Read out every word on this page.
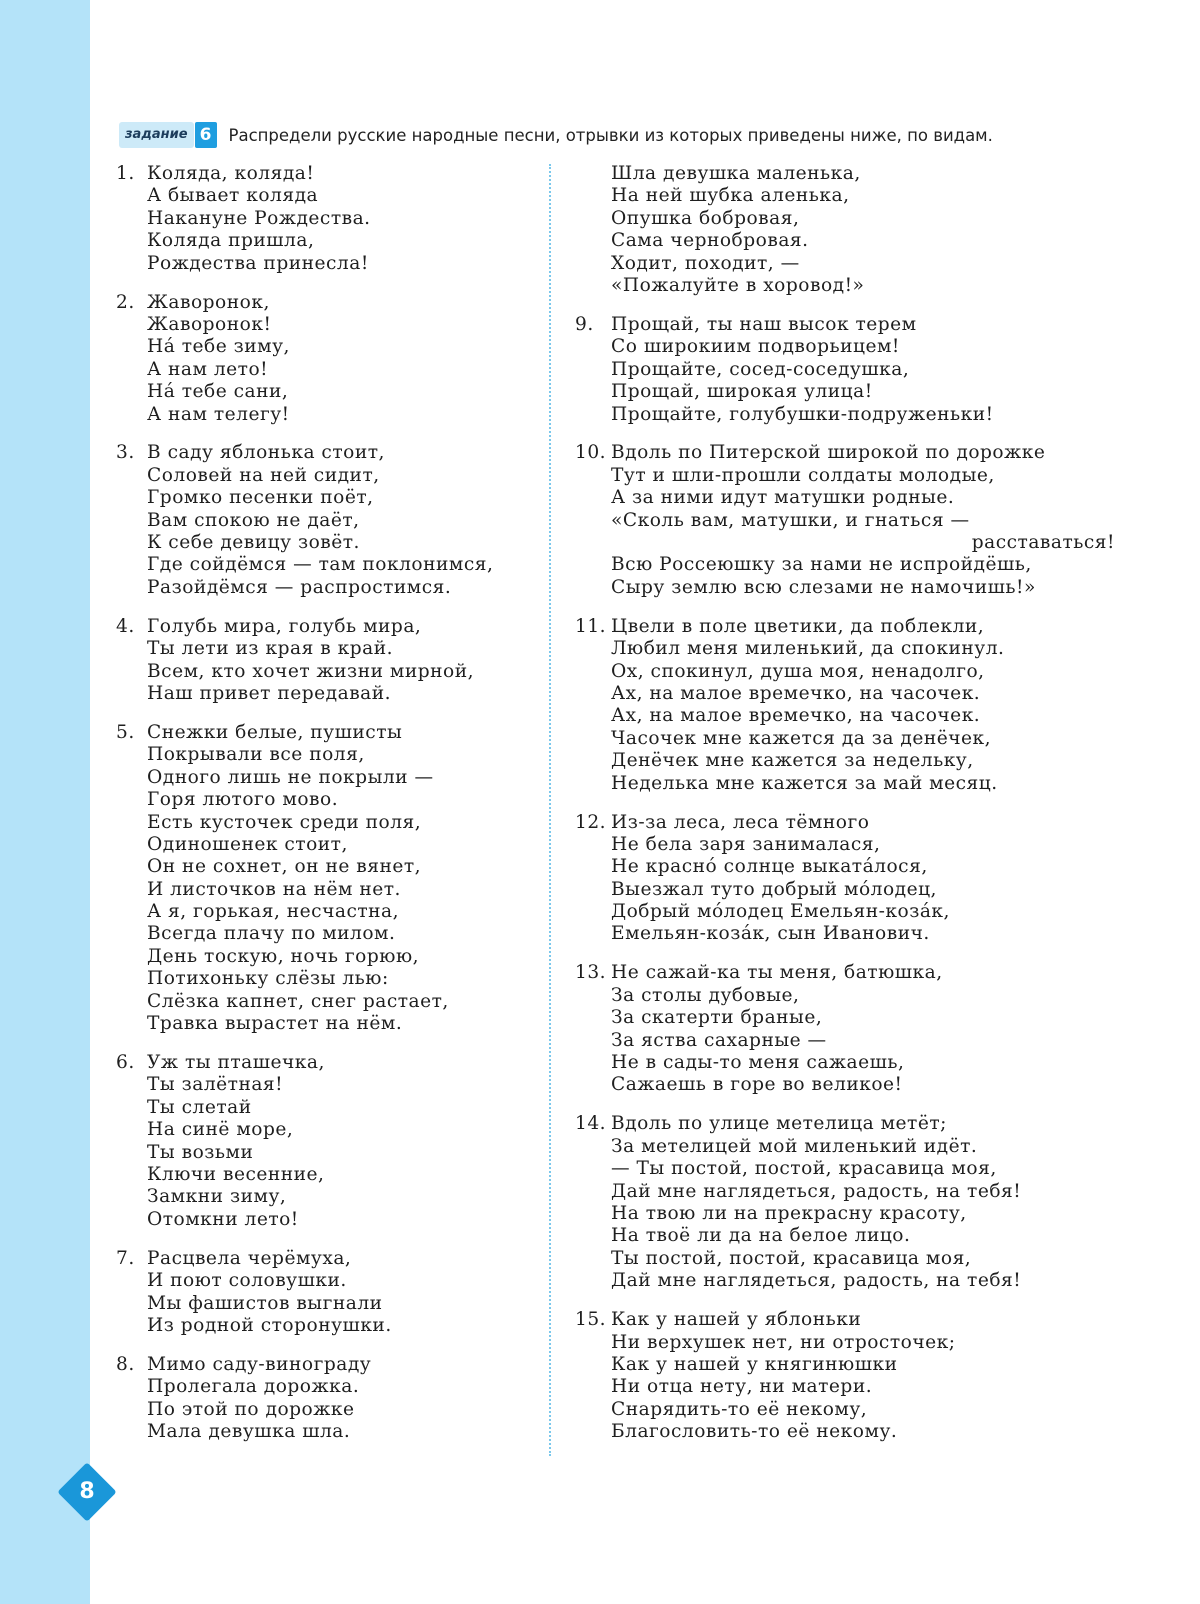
8
задание 6	Распредели русские народные песни, отрывки из которых приведены ниже, по видам.
1. Коляда, коляда!
А бывает коляда
Накануне Рождества.
Коляда пришла,
Рождества принесла!
2. Жаворонок,
Жаворонок!
На́ тебе зиму,
А нам лето!
На́ тебе сани,
А нам телегу!
3. В саду яблонька стоит,
Соловей на ней сидит,
Громко песенки поёт,
Вам спокою не даёт,
К себе девицу зовёт.
Где сойдёмся — там поклонимся,
Разойдёмся — распростимся.
4. Голубь мира, голубь мира,
Ты лети из края в край.
Всем, кто хочет жизни мирной,
Наш привет передавай.
5. Снежки белые, пушисты
Покрывали все поля,
Одного лишь не покрыли —
Горя лютого мово.
Есть кусточек среди поля,
Одиношенек стоит,
Он не сохнет, он не вянет,
И листочков на нём нет.
А я, горькая, несчастна,
Всегда плачу по милом.
День тоскую, ночь горюю,
Потихоньку слёзы лью:
Слёзка капнет, снег растает,
Травка вырастет на нём.
6. Уж ты пташечка,
Ты залётная!
Ты слетай
На синё море,
Ты возьми
Ключи весенние,
Замкни зиму,
Отомкни лето!
7. Расцвела черёмуха,
И поют соловушки.
Мы фашистов выгнали
Из родной сторонушки.
8. Мимо саду-винограду
Пролегала дорожка.
По этой по дорожке
Мала девушка шла.
Шла девушка маленька,
На ней шубка аленька,
Опушка бобровая,
Сама чернобровая.
Ходит, походит, —
«Пожалуйте в хоровод!»
9. Прощай, ты наш высок терем
Со широкиим подворьицем!
Прощайте, сосед-соседушка,
Прощай, широкая улица!
Прощайте, голубушки-подруженьки!
10. Вдоль по Питерской широкой по дорожке
Тут и шли-прошли солдаты молодые,
А за ними идут матушки родные.
«Сколь вам, матушки, и гнаться —
расставаться!
Всю Россеюшку за нами не испройдёшь,
Сыру землю всю слезами не намочишь!»
11. Цвели в поле цветики, да поблекли,
Любил меня миленький, да спокинул.
Ох, спокинул, душа моя, ненадолго,
Ах, на малое времечко, на часочек.
Ах, на малое времечко, на часочек.
Часочек мне кажется да за денёчек,
Денёчек мне кажется за недельку,
Неделька мне кажется за май месяц.
12. Из-за леса, леса тёмного
Не бела заря занималася,
Не красно́ солнце выката́лося,
Выезжал туто добрый мо́лодец,
Добрый мо́лодец Емельян-коза́к,
Емельян-коза́к, сын Иванович.
13. Не сажай-ка ты меня, батюшка,
За столы дубовые,
За скатерти браные,
За яства сахарные —
Не в сады-то меня сажаешь,
Сажаешь в горе во великое!
14. Вдоль по улице метелица метёт;
За метелицей мой миленький идёт.
— Ты постой, постой, красавица моя,
Дай мне наглядеться, радость, на тебя!
На твою ли на прекрасну красоту,
На твоё ли да на белое лицо.
Ты постой, постой, красавица моя,
Дай мне наглядеться, радость, на тебя!
15. Как у нашей у яблоньки
Ни верхушек нет, ни отросточек;
Как у нашей у княгинюшки
Ни отца нету, ни матери.
Снарядить-то её некому,
Благословить-то её некому.
